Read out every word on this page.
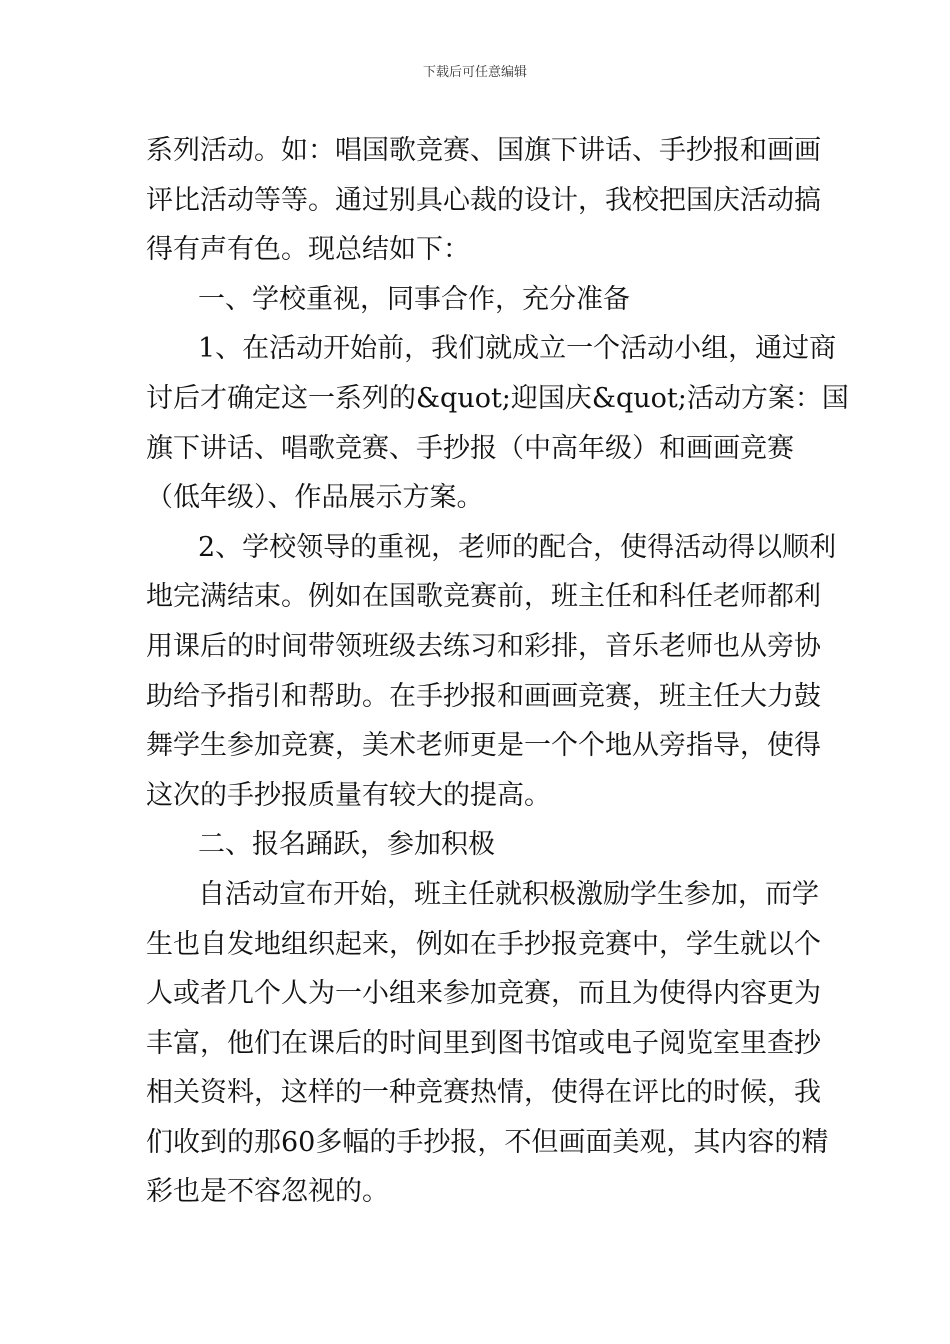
下载后可任意编辑
系列活动。如：唱国歌竞赛、国旗下讲话、手抄报和画画
评比活动等等。通过别具心裁的设计，我校把国庆活动搞
得有声有色。现总结如下：
一、学校重视，同事合作，充分准备
1、在活动开始前，我们就成立一个活动小组，通过商
讨后才确定这一系列的&quot;迎国庆&quot;活动方案：国
旗下讲话、唱歌竞赛、手抄报（中高年级）和画画竞赛
（低年级）、作品展示方案。
2、学校领导的重视，老师的配合，使得活动得以顺利
地完满结束。例如在国歌竞赛前，班主任和科任老师都利
用课后的时间带领班级去练习和彩排，音乐老师也从旁协
助给予指引和帮助。在手抄报和画画竞赛，班主任大力鼓
舞学生参加竞赛，美术老师更是一个个地从旁指导，使得
这次的手抄报质量有较大的提高。
二、报名踊跃，参加积极
自活动宣布开始，班主任就积极激励学生参加，而学
生也自发地组织起来，例如在手抄报竞赛中，学生就以个
人或者几个人为一小组来参加竞赛，而且为使得内容更为
丰富，他们在课后的时间里到图书馆或电子阅览室里查抄
相关资料，这样的一种竞赛热情，使得在评比的时候，我
们收到的那60多幅的手抄报，不但画面美观，其内容的精
彩也是不容忽视的。
